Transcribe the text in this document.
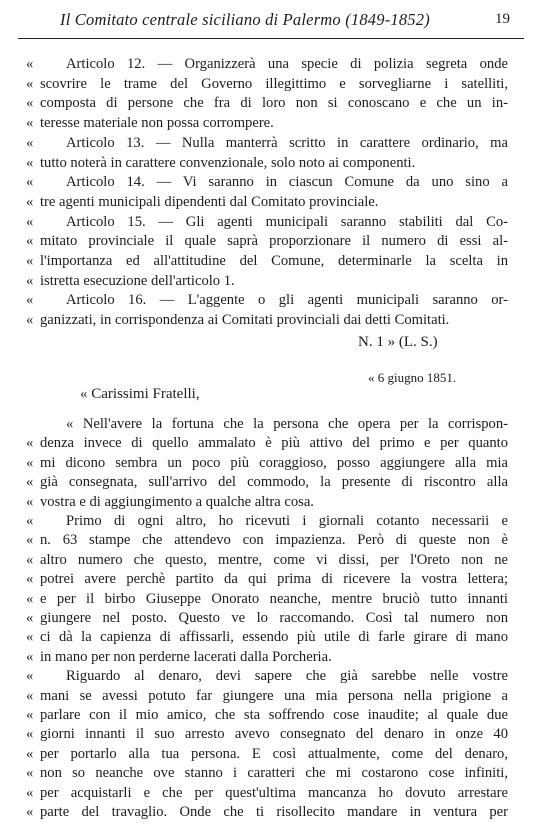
Il Comitato centrale siciliano di Palermo (1849-1852)	19
« Articolo 12. — Organizzerà una specie di polizia segreta onde
« scovrire le trame del Governo illegittimo e sorvegliarne i satelliti,
« composta di persone che fra di loro non si conoscano e che un in-
« teresse materiale non possa corrompere.
« Articolo 13. — Nulla manterrà scritto in carattere ordinario, ma
« tutto noterà in carattere convenzionale, solo noto ai componenti.
« Articolo 14. — Vi saranno in ciascun Comune da uno sino a
« tre agenti municipali dipendenti dal Comitato provinciale.
« Articolo 15. — Gli agenti municipali saranno stabiliti dal Co-
« mitato provinciale il quale saprà proporzionare il numero di essi al-
« l'importanza ed all'attitudine del Comune, determinarle la scelta in
« istretta esecuzione dell'articolo 1.
« Articolo 16. — L'aggente o gli agenti municipali saranno or-
« ganizzati, in corrispondenza ai Comitati provinciali dai detti Comitati.
N. 1 » (L. S.)
« 6 giugno 1851.
« Carissimi Fratelli,
« Nell'avere la fortuna che la persona che opera per la corrispon-
« denza invece di quello ammalato è più attivo del primo e per quanto
« mi dicono sembra un poco più coraggioso, posso aggiungere alla mia
« già consegnata, sull'arrivo del commodo, la presente di riscontro alla
« vostra e di aggiungimento a qualche altra cosa.
« Primo di ogni altro, ho ricevuti i giornali cotanto necessarii e
« n. 63 stampe che attendevo con impazienza. Però di queste non è
« altro numero che questo, mentre, come vi dissi, per l'Oreto non ne
« potrei avere perchè partito da qui prima di ricevere la vostra lettera;
« e per il birbo Giuseppe Onorato neanche, mentre bruciò tutto innanti
« giungere nel posto. Questo ve lo raccomando. Così tal numero non
« ci dà la capienza di affissarli, essendo più utile di farle girare di mano
« in mano per non perderne lacerati dalla Porcheria.
« Riguardo al denaro, devi sapere che già sarebbe nelle vostre
« mani se avessi potuto far giungere una mia persona nella prigione a
« parlare con il mio amico, che sta soffrendo cose inaudite; al quale due
« giorni innanti il suo arresto avevo consegnato del denaro in onze 40
« per portarlo alla tua persona. E così attualmente, come del denaro,
« non so neanche ove stanno i caratteri che mi costarono cose infiniti,
« per acquistarli e che per quest'ultima mancanza ho dovuto arrestare
« parte del travaglio. Onde che ti risollecito mandare in ventura per
